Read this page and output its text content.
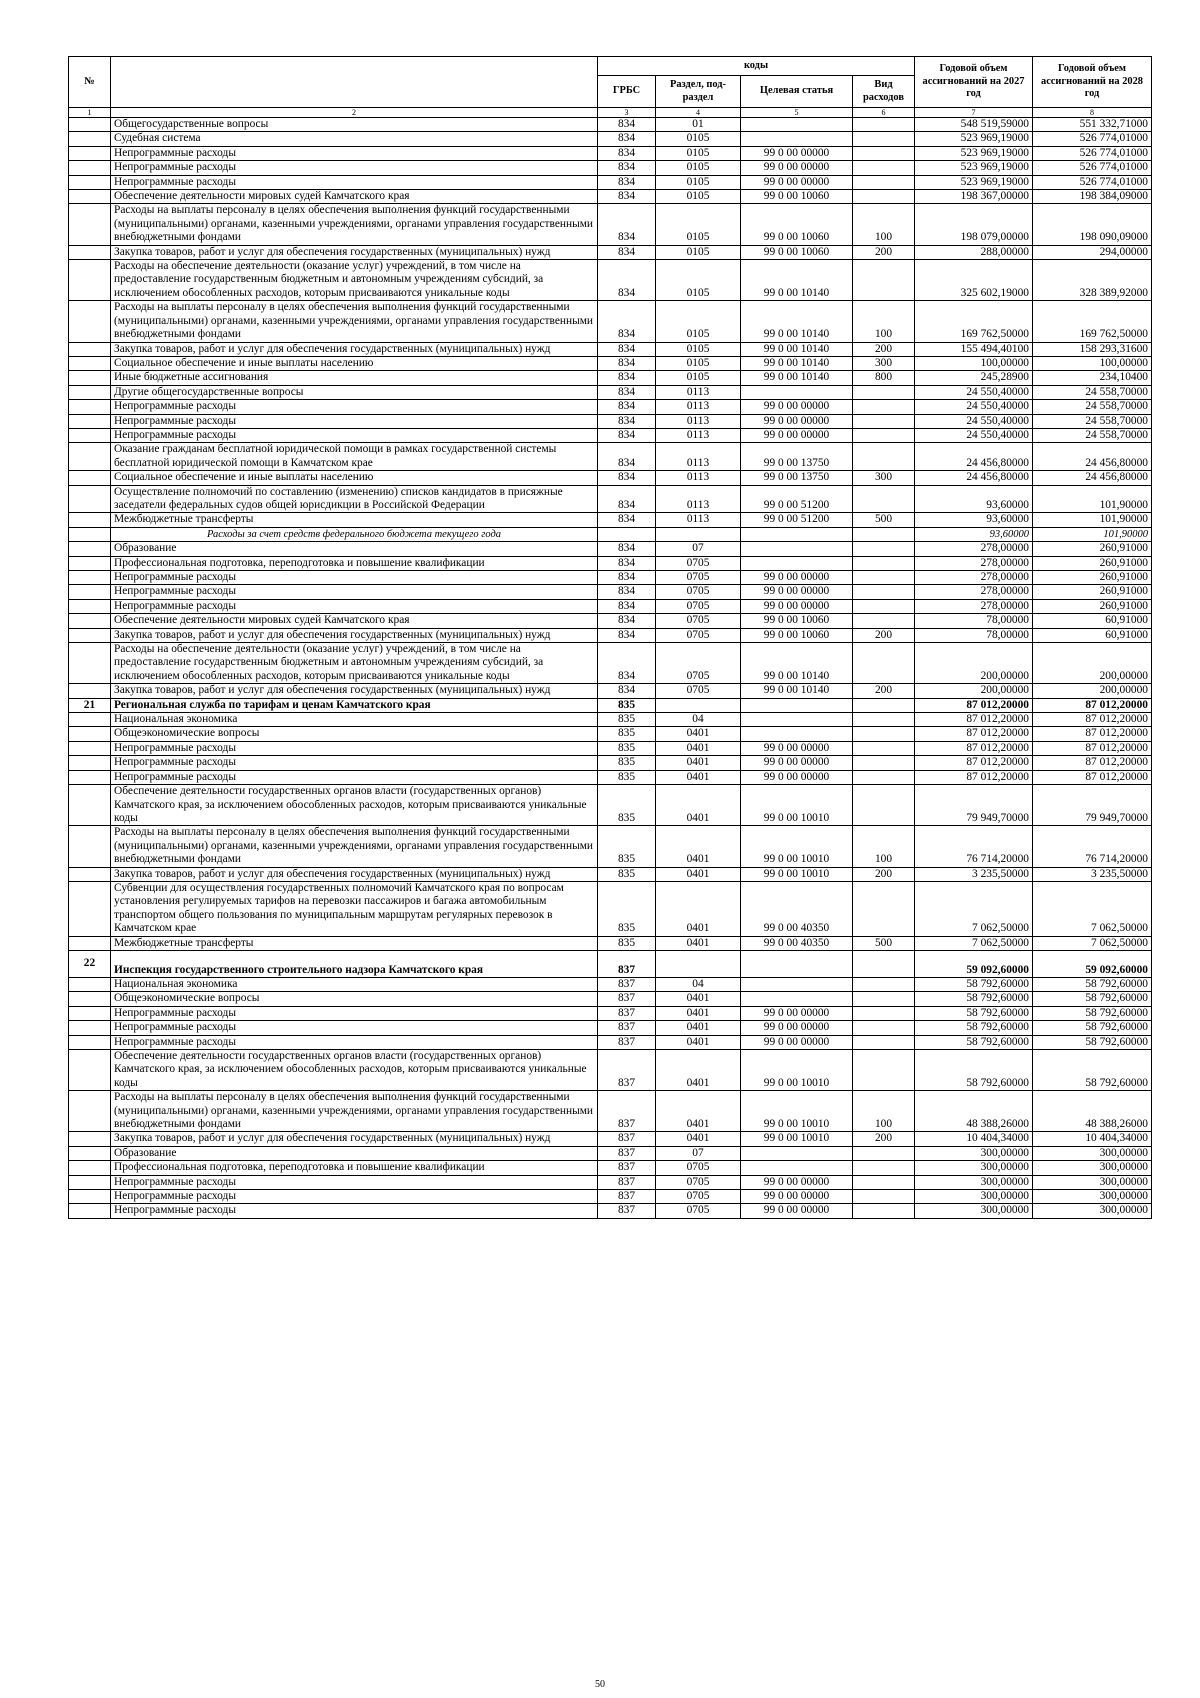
№		коды				Годовой объем ассигнований на 2027 год	Годовой объем ассигнований на 2028 год
		ГРБС	Раздел, под-раздел	Целевая статья	Вид расходов		
1	2	3	4	5	6	7	8
	Общегосударственные вопросы	834	01			548 519,59000	551 332,71000
	Судебная система	834	0105			523 969,19000	526 774,01000
	Непрограммные расходы	834	0105	99 0 00 00000		523 969,19000	526 774,01000
	Непрограммные расходы	834	0105	99 0 00 00000		523 969,19000	526 774,01000
	Непрограммные расходы	834	0105	99 0 00 00000		523 969,19000	526 774,01000
	Обеспечение деятельности мировых судей Камчатского края	834	0105	99 0 00 10060		198 367,00000	198 384,09000
	Расходы на выплаты персоналу в целях обеспечения выполнения функций государственными (муниципальными) органами, казенными учреждениями, органами управления государственными внебюджетными фондами	834	0105	99 0 00 10060	100	198 079,00000	198 090,09000
	Закупка товаров, работ и услуг для обеспечения государственных (муниципальных) нужд	834	0105	99 0 00 10060	200	288,00000	294,00000
	Расходы на обеспечение деятельности (оказание услуг) учреждений, в том числе на предоставление государственным бюджетным и автономным учреждениям субсидий, за исключением обособленных расходов, которым присваиваются уникальные коды	834	0105	99 0 00 10140		325 602,19000	328 389,92000
	Расходы на выплаты персоналу в целях обеспечения выполнения функций государственными (муниципальными) органами, казенными учреждениями, органами управления государственными внебюджетными фондами	834	0105	99 0 00 10140	100	169 762,50000	169 762,50000
	Закупка товаров, работ и услуг для обеспечения государственных (муниципальных) нужд	834	0105	99 0 00 10140	200	155 494,40100	158 293,31600
	Социальное обеспечение и иные выплаты населению	834	0105	99 0 00 10140	300	100,00000	100,00000
	Иные бюджетные ассигнования	834	0105	99 0 00 10140	800	245,28900	234,10400
	Другие общегосударственные вопросы	834	0113			24 550,40000	24 558,70000
	Непрограммные расходы	834	0113	99 0 00 00000		24 550,40000	24 558,70000
	Непрограммные расходы	834	0113	99 0 00 00000		24 550,40000	24 558,70000
	Непрограммные расходы	834	0113	99 0 00 00000		24 550,40000	24 558,70000
	Оказание гражданам бесплатной юридической помощи в рамках государственной системы бесплатной юридической помощи в Камчатском крае	834	0113	99 0 00 13750		24 456,80000	24 456,80000
	Социальное обеспечение и иные выплаты населению	834	0113	99 0 00 13750	300	24 456,80000	24 456,80000
	Осуществление полномочий по составлению (изменению) списков кандидатов в присяжные заседатели федеральных судов общей юрисдикции в Российской Федерации	834	0113	99 0 00 51200		93,60000	101,90000
	Межбюджетные трансферты	834	0113	99 0 00 51200	500	93,60000	101,90000
	Расходы за счет средств федерального бюджета текущего года					93,60000	101,90000
	Образование	834	07			278,00000	260,91000
	Профессиональная подготовка, переподготовка и повышение квалификации	834	0705			278,00000	260,91000
	Непрограммные расходы	834	0705	99 0 00 00000		278,00000	260,91000
	Непрограммные расходы	834	0705	99 0 00 00000		278,00000	260,91000
	Непрограммные расходы	834	0705	99 0 00 00000		278,00000	260,91000
	Обеспечение деятельности мировых судей Камчатского края	834	0705	99 0 00 10060		78,00000	60,91000
	Закупка товаров, работ и услуг для обеспечения государственных (муниципальных) нужд	834	0705	99 0 00 10060	200	78,00000	60,91000
	Расходы на обеспечение деятельности (оказание услуг) учреждений, в том числе на предоставление государственным бюджетным и автономным учреждениям субсидий, за исключением обособленных расходов, которым присваиваются уникальные коды	834	0705	99 0 00 10140		200,00000	200,00000
	Закупка товаров, работ и услуг для обеспечения государственных (муниципальных) нужд	834	0705	99 0 00 10140	200	200,00000	200,00000
21	Региональная служба по тарифам и ценам Камчатского края	835				87 012,20000	87 012,20000
	Национальная экономика	835	04			87 012,20000	87 012,20000
	Общеэкономические вопросы	835	0401			87 012,20000	87 012,20000
	Непрограммные расходы	835	0401	99 0 00 00000		87 012,20000	87 012,20000
	Непрограммные расходы	835	0401	99 0 00 00000		87 012,20000	87 012,20000
	Непрограммные расходы	835	0401	99 0 00 00000		87 012,20000	87 012,20000
	Обеспечение деятельности государственных органов власти (государственных органов) Камчатского края, за исключением обособленных расходов, которым присваиваются уникальные коды	835	0401	99 0 00 10010		79 949,70000	79 949,70000
	Расходы на выплаты персоналу в целях обеспечения выполнения функций государственными (муниципальными) органами, казенными учреждениями, органами управления государственными внебюджетными фондами	835	0401	99 0 00 10010	100	76 714,20000	76 714,20000
	Закупка товаров, работ и услуг для обеспечения государственных (муниципальных) нужд	835	0401	99 0 00 10010	200	3 235,50000	3 235,50000
	Субвенции для осуществления государственных полномочий Камчатского края по вопросам установления регулируемых тарифов на перевозки пассажиров и багажа автомобильным транспортом общего пользования по муниципальным маршрутам регулярных перевозок в Камчатском крае	835	0401	99 0 00 40350		7 062,50000	7 062,50000
	Межбюджетные трансферты	835	0401	99 0 00 40350	500	7 062,50000	7 062,50000
22	Инспекция государственного строительного надзора Камчатского края	837				59 092,60000	59 092,60000
	Национальная экономика	837	04			58 792,60000	58 792,60000
	Общеэкономические вопросы	837	0401			58 792,60000	58 792,60000
	Непрограммные расходы	837	0401	99 0 00 00000		58 792,60000	58 792,60000
	Непрограммные расходы	837	0401	99 0 00 00000		58 792,60000	58 792,60000
	Непрограммные расходы	837	0401	99 0 00 00000		58 792,60000	58 792,60000
	Обеспечение деятельности государственных органов власти (государственных органов) Камчатского края, за исключением обособленных расходов, которым присваиваются уникальные коды	837	0401	99 0 00 10010		58 792,60000	58 792,60000
	Расходы на выплаты персоналу в целях обеспечения выполнения функций государственными (муниципальными) органами, казенными учреждениями, органами управления государственными внебюджетными фондами	837	0401	99 0 00 10010	100	48 388,26000	48 388,26000
	Закупка товаров, работ и услуг для обеспечения государственных (муниципальных) нужд	837	0401	99 0 00 10010	200	10 404,34000	10 404,34000
	Образование	837	07			300,00000	300,00000
	Профессиональная подготовка, переподготовка и повышение квалификации	837	0705			300,00000	300,00000
	Непрограммные расходы	837	0705	99 0 00 00000		300,00000	300,00000
	Непрограммные расходы	837	0705	99 0 00 00000		300,00000	300,00000
	Непрограммные расходы	837	0705	99 0 00 00000		300,00000	300,00000
50
